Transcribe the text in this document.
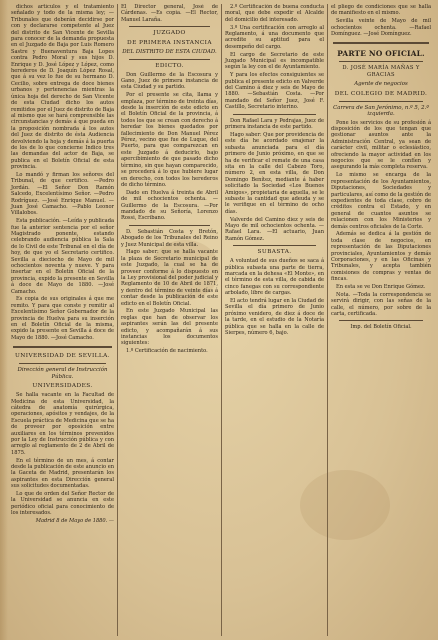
dichos artículos y el tratamiento señalado y todo de la misma ley; —Tribunales que deberán decidirse por con y declararse competente al Juez del distrito de San Vicente de Sevilla para conocer de la demanda propuesta en el Juzgado de Baja por Luis Romero Sastre y Buenaventura Baja Lopes contra Pedro Moral y sus hijos D. Enrique y D. José López y López, como herederos de D. Joaquín López Rosal, que á su vez lo fue de su hermano D. Cecilio, sobre entrega de doce bienes urbanos y pertenencias mientras la única hoja del derecho de San Vicente de esta Ciudad dicho los autos remitidos por el Juez de distrito de Baja al mismo que se hará comprensible las circunstancias y demás á que pueda en la proposición nombrada á los autos del Juez de distrito de ésta Audiencia devolviendo la hoja y demás á la puerta de los de lo que concierne Indico tres las demandas del actor de Baja, se publica en el Boletín Oficial de esta provincia.

Lo mandó y firman los señores del Tribunal, de que certifico. —Pedro Jordán. —El Señor Don Ramón Salcedo, Excelentísimo Señor. —Pedro Rodríguez. —José Enrique Manuel. —Juan José Camacho. —Pablo Leonor Villalobos.

Esta publicación. —Leída y publicada fue la anterior sentencia por el señor Magistrado ponente, estando celebrando audiencia pública la Sala de lo Civil de este Tribunal en el día de hoy, de que yo el Secretario certifico. Sevilla a dieciocho de Mayo de mil ochocientos noventa y nueve. Y para insertar en el Boletín Oficial de la provincia, expido la presente en Sevilla á doce de Mayo de 1880. —José Camacho.

Es copia de sus originales á que me remito. Y para que conste y remitir al Excelentísimo Señor Gobernador de la provincia de Huelva para su inserción en el Boletín Oficial de la misma, expido la presente en Sevilla á doce de Mayo de 1880. —José Camacho.

UNIVERSIDAD DE SEVILLA.
Dirección general de Instrucción Pública.
UNIVERSIDADES.

Se halla vacante en la Facultad de Medicina de esta Universidad, la cátedra de anatomía quirúrgica, operaciones, apósitos y vendajes, de la Escuela práctica de Medicina que se ha de proveer por oposición entre auxiliares en los términos prevenidos por la Ley de Instrucción pública y con arreglo al reglamento de 2 de Abril de 1875.

En el término de un mes, á contar desde la publicación de este anuncio en la Gaceta de Madrid, presentarán los aspirantes en esta Dirección general sus solicitudes documentadas.

Lo que de orden del Señor Rector de la Universidad se anuncia en este periódico oficial para conocimiento de los interesados.

Madrid 8 de Mayo de 1880. —

El Director general, José de Cárdenas. —Es copia. —El Rector, Manuel Laraña.

JUZGADO
DE PRIMERA INSTANCIA
DEL DISTRITO DE ESTA CIUDAD.
EDICTO.

Don Guillermo de la Escosura y Gano, Juez de primera instancia de esta Ciudad y su partido.

Por el presente se cita, llama y emplaza, por término de treinta días, desde la inserción de este edicto en el Boletín Oficial de la provincia, á todos los que se crean con derecho á heredar los bienes quedados por fallecimiento de Don Manuel Pérez Pérez, vecino que fue de Luque, del Puerto, para que comparezcan en este Juzgado á deducirlo, bajo apercibimiento de que pasado dicho término, sin que hayan comparecido, se procederá á lo que hubiere lugar en derecho, con todos los herederos de dicho término.

Dado en Huelva á treinta de Abril de mil ochocientos ochenta. —Guillermo de la Escosura. —Por mandado de su Señoría, Lorenzo Rossi, Escribano.

D. Sebastián Costa y Bretón, Abogado de los Tribunales del Reino y Juez Municipal de esta villa.

Hago saber: que se halla vacante la plaza de Secretario municipal de este Juzgado, la cual se ha de proveer conforme á lo dispuesto en la Ley provisional del poder judicial y Reglamento de 10 de Abril de 1871, y dentro del término de veinte días á contar desde la publicación de este edicto en el Boletín Oficial.

En este Juzgado Municipal las reglas que han de observar los aspirantes serán las del presente edicto, y acompañarán á sus instancias los documentos siguientes:

1.º Certificación de nacimiento.

2.º Certificación de buena conducta moral, que debe expedir el Alcalde del domicilio del interesado.

3.º Una certificación con arreglo al Reglamento, á una documento que acredite su aptitud para el desempeño del cargo.

El cargo de Secretario de este Juzgado Municipal es incompatible según la ley con el de Ayuntamiento.

Y para los efectos consiguientes se publica el presente edicto en Valverde del Camino á diez y seis de Mayo de 1880. —Sebastián Costa. —Por mandado del Señor Juez, José F. Castillo, Secretario interino.

Don Rafael Lara y Pedrajas, Juez de primera instancia de este partido.

Hago saber: Que por providencia de este día he acordado enajenar la subasta anunciada para el día primero de Junio próximo, en que se ha de verificar el remate de una casa sita en la calle del Cabezo Toro, número 2, en esta villa, de Don Domingo Benítez, mediante á haber solicitado la Sociedad «Los Buenos Amigos», propietaria de aquella, se le subaste la cantidad que adeuda y se le verifique en el término de ocho días.

Valverde del Camino diez y seis de Mayo de mil ochocientos ochenta. —Rafael Lara. —El actuario, Juan Ramón Gómez.

SUBASTA.

A voluntad de sus dueños se saca á pública subasta una parte de tierra, marcada en la dehesa «El Monte», en el término de esta villa, de cabida de cinco fanegas con su correspondiente arbolado, libre de cargas.

El acto tendrá lugar en la Ciudad de Sevilla el día primero de Junio próximo venidero, de diez á doce de la tarde, en el estudio de la Notaría pública que se halla en la calle de Sierpes, número 6, bajo.

el pliego de condiciones que se halla de manifiesto en el mismo.

Sevilla veinte de Mayo de mil ochocientos ochenta. —Rafael Domínguez. —José Domínguez.

PARTE NO OFICIAL.
D. JOSÉ MARÍA MAÑAS Y GRACIAS
Agente de negocios
DEL COLEGIO DE MADRID.
Carrera de San Jerónimo, n.º 5, 2.º izquierda.

Pone los servicios de su profesión á disposición de los que tengan que gestionar asuntos ante la Administración Central, ya sean de carácter civil, militar o eclesiástico, ofreciendo la mayor actividad en los negocios que se le confíen y asegurando la más completa reserva.

Lo mismo se encarga de la representación de los Ayuntamientos, Diputaciones, Sociedades y particulares, así como de la gestión de expedientes de toda clase, cobro de créditos contra el Estado, y en general de cuantos asuntos se relacionen con los Ministerios y demás centros oficiales de la Corte.

Además se dedica á la gestión de toda clase de negocios, en representación de las Diputaciones provinciales, Ayuntamientos y demás Corporaciones, y en las Oficinas y Tribunales, y acepta también comisiones de compras y ventas de fincas.

En esta se ve Don Enrique Gómez.

Nota. —Toda la correspondencia se servirá dirigir, con las señas de la calle, el número, por sobre de la carta, certificada.

Imp. del Boletín Oficial.
